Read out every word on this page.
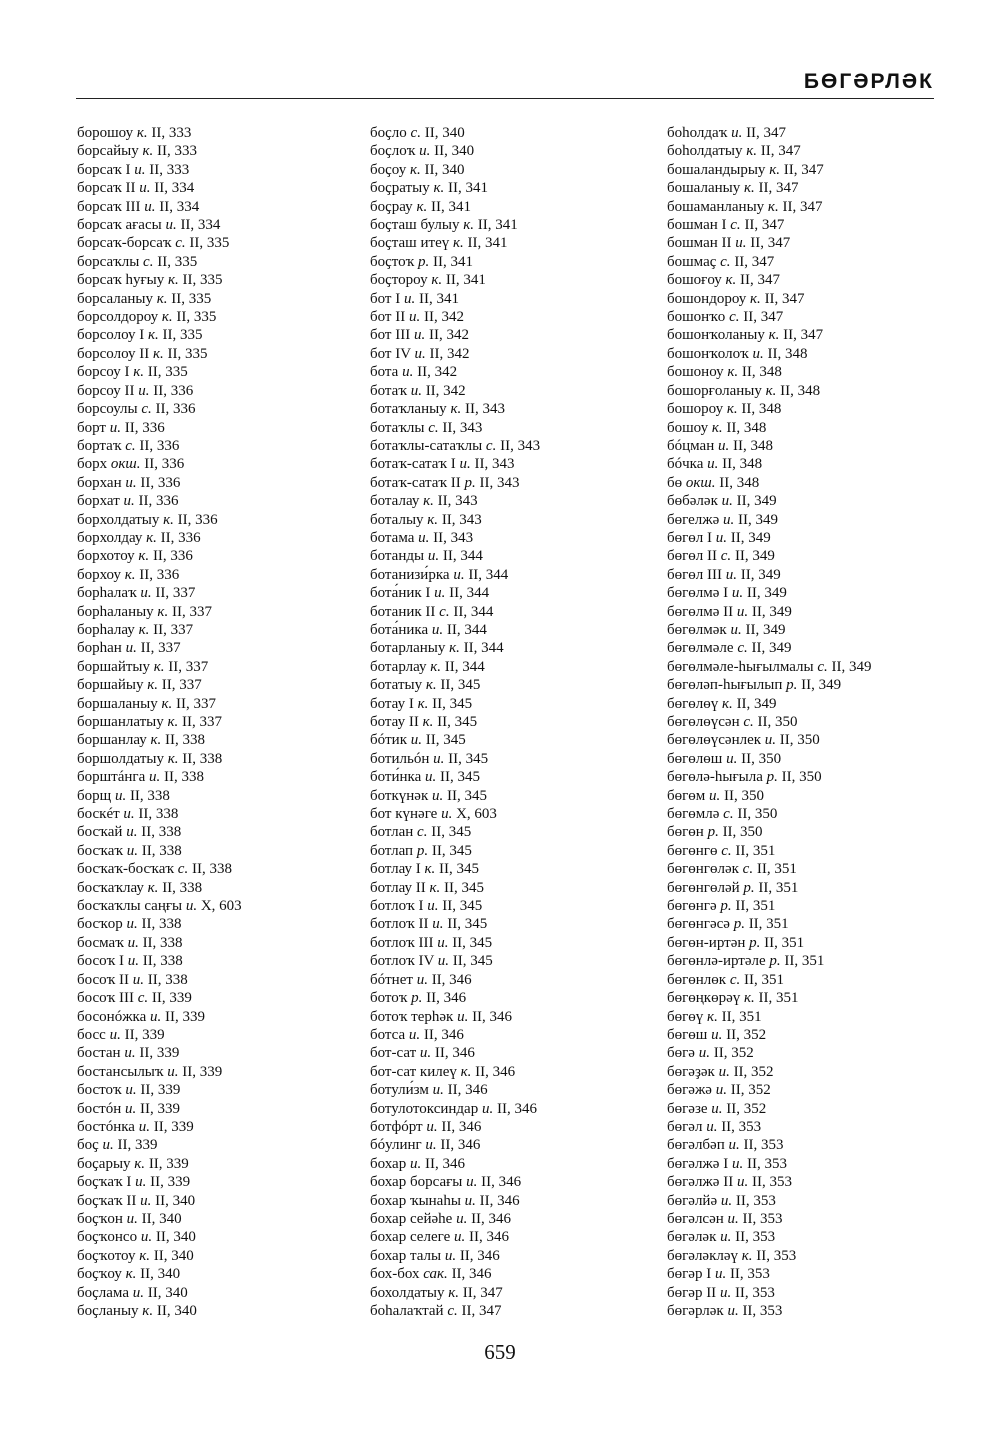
БӨГӘРЛӘК
борошоу к. II, 333
борсайыу к. II, 333
борсаҡ I и. II, 333
борсаҡ II и. II, 334
борсаҡ III и. II, 334
борсаҡ ағасы и. II, 334
борсаҡ-борсаҡ с. II, 335
борсаҡлы с. II, 335
борсаҡ һуғыу к. II, 335
борсаланыу к. II, 335
борсолдороу к. II, 335
борсолоу I к. II, 335
борсолоу II к. II, 335
борсоу I к. II, 335
борсоу II и. II, 336
борсоулы с. II, 336
борт и. II, 336
бортаҡ с. II, 336
борх окш. II, 336
борхан и. II, 336
борхат и. II, 336
борхолдатыу к. II, 336
борхолдау к. II, 336
борхотоу к. II, 336
борхоу к. II, 336
борһалаҡ и. II, 337
борһаланыу к. II, 337
борһалау к. II, 337
борһан и. II, 337
боршайтыу к. II, 337
боршайыу к. II, 337
боршаланыу к. II, 337
боршанлатыу к. II, 337
боршанлау к. II, 338
боршолдатыу к. II, 338
борштáнга и. II, 338
борщ и. II, 338
боскéт и. II, 338
босҡай и. II, 338
босҡаҡ и. II, 338
босҡаҡ-босҡаҡ с. II, 338
босҡаҡлау к. II, 338
босҡаҡлы саңғы и. X, 603
босҡор и. II, 338
босмаҡ и. II, 338
босоҡ I и. II, 338
босоҡ II и. II, 338
босоҡ III с. II, 339
босонóжка и. II, 339
босс и. II, 339
бостан и. II, 339
бостансылыҡ и. II, 339
бостоҡ и. II, 339
бостóн и. II, 339
бостóнка и. II, 339
боҫ и. II, 339
боҫарыу к. II, 339
боҫҡаҡ I и. II, 339
боҫҡаҡ II и. II, 340
боҫҡон и. II, 340
боҫҡонсо и. II, 340
боҫҡотоу к. II, 340
боҫҡоу к. II, 340
боҫлама и. II, 340
боҫланыу к. II, 340
боҫло с. II, 340
боҫлоҡ и. II, 340
боҫоу к. II, 340
боҫратыу к. II, 341
боҫрау к. II, 341
боҫташ булыу к. II, 341
боҫташ итеү к. II, 341
боҫтоҡ р. II, 341
боҫтороу к. II, 341
бот I и. II, 341
бот II и. II, 342
бот III и. II, 342
бот IV и. II, 342
бота и. II, 342
ботаҡ и. II, 342
ботаҡланыу к. II, 343
ботаҡлы с. II, 343
ботаҡлы-сатаҡлы с. II, 343
ботаҡ-сатаҡ I и. II, 343
ботаҡ-сатаҡ II р. II, 343
боталау к. II, 343
боталыу к. II, 343
ботама и. II, 343
ботанды и. II, 344
ботанизи́рка и. II, 344
бота́ник I и. II, 344
ботаник II с. II, 344
бота́ника и. II, 344
ботарланыу к. II, 344
ботарлау к. II, 344
ботатыу к. II, 345
ботау I к. II, 345
ботау II к. II, 345
бóтик и. II, 345
ботильóн и. II, 345
боти́нка и. II, 345
боткүнәк и. II, 345
бот күнәге и. X, 603
ботлан с. II, 345
ботлап р. II, 345
ботлау I к. II, 345
ботлау II к. II, 345
ботлоҡ I и. II, 345
ботлоҡ II и. II, 345
ботлоҡ III и. II, 345
ботлоҡ IV и. II, 345
бóтнет и. II, 346
ботоҡ р. II, 346
ботоҡ терһәк и. II, 346
ботса и. II, 346
бот-сат и. II, 346
бот-сат килеү к. II, 346
ботули́зм и. II, 346
ботулотоксиндар и. II, 346
ботфóрт и. II, 346
бóулинг и. II, 346
бохар и. II, 346
бохар борсағы и. II, 346
бохар ҡынаһы и. II, 346
бохар сейәһе и. II, 346
бохар селеге и. II, 346
бохар талы и. II, 346
бох-бох сак. II, 346
бохолдатыу к. II, 347
боһалаҡтай с. II, 347
боһолдаҡ и. II, 347
боһолдатыу к. II, 347
бошаландырыу к. II, 347
бошаланыу к. II, 347
бошаманланыу к. II, 347
бошман I с. II, 347
бошман II и. II, 347
бошмаҫ с. II, 347
бошоғоу к. II, 347
бошондороу к. II, 347
бошонҡо с. II, 347
бошонҡоланыу к. II, 347
бошонҡолоҡ и. II, 348
бошоноу к. II, 348
бошорғоланыу к. II, 348
бошороу к. II, 348
бошоу к. II, 348
бóцман и. II, 348
бóчка и. II, 348
бө окш. II, 348
бөбәләк и. II, 349
бөгелжә и. II, 349
бөгөл I и. II, 349
бөгөл II с. II, 349
бөгөл III и. II, 349
бөгөлмә I и. II, 349
бөгөлмә II и. II, 349
бөгөлмәк и. II, 349
бөгөлмәле с. II, 349
бөгөлмәле-һығылмалы с. II, 349
бөгөләп-һығылып р. II, 349
бөгөлөү к. II, 349
бөгөлөүсән с. II, 350
бөгөлөүсәнлек и. II, 350
бөгөлөш и. II, 350
бөгөлә-һығыла р. II, 350
бөгөм и. II, 350
бөгөмлә с. II, 350
бөгөн р. II, 350
бөгөнгө с. II, 351
бөгөнгөләк с. II, 351
бөгөнгөләй р. II, 351
бөгөнгә р. II, 351
бөгөнгәсә р. II, 351
бөгөн-иртән р. II, 351
бөгөнлә-иртәле р. II, 351
бөгөнлөк с. II, 351
бөгөңкөрәү к. II, 351
бөгөү к. II, 351
бөгөш и. II, 352
бөгә и. II, 352
бөгәҙәк и. II, 352
бөгәжә и. II, 352
бөгәзе и. II, 352
бөгәл и. II, 353
бөгәлбәп и. II, 353
бөгәлжә I и. II, 353
бөгәлжә II и. II, 353
бөгәлйә и. II, 353
бөгәлсән и. II, 353
бөгәләк и. II, 353
бөгәләкләү к. II, 353
бөгәр I и. II, 353
бөгәр II и. II, 353
бөгәрләк и. II, 353
659
